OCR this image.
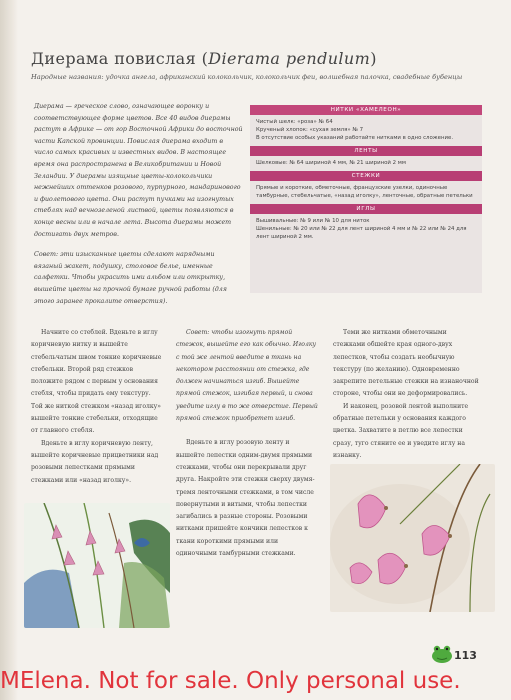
Диерама повислая (Dierama pendulum)
Народные названия: удочка ангела, африканский колокольчик, колокольчик феи, волшебная палочка, свадебные бубенцы

Диерама — греческое слово, означающее воронку и соответствующее форме цветов. Все 40 видов диерамы растут в Африке — от гор Восточной Африки до восточной части Капской провинции. Повислая диерама входит в число самых красивых и известных видов. В настоящее время она распространена в Великобритании и Новой Зеландии. У диерамы изящные цветы-колокольчики нежнейших оттенков розового, пурпурного, мандаринового и фиолетового цвета. Они растут пучками на изогнутых стеблях над вечнозеленой листвой, цветы появляются в конце весны или в начале лета. Высота диерамы может достигать двух метров.

Совет: эти изысканные цветы сделают нарядными вязаный жакет, подушку, столовое белье, именные салфетки. Чтобы украсить ими альбом или открытку, вышейте цветы на прочной бумаге ручной работы (для этого заранее прокалите отверстия).

НИТКИ «ХАМЕЛЕОН»
Чистый шелк: «роза» № 64
Крученый хлопок: «сухая земля» № 7
В отсутствие особых указаний работайте нитками в одно сложение.
ЛЕНТЫ
Шелковые: № 64 шириной 4 мм, № 21 шириной 2 мм
СТЕЖКИ
Прямые и короткие, обметочные, французские узелки, одиночные тамбурные, стебельчатые, «назад иголку», ленточные, обратные петельки
ИГЛЫ
Вышивальные: № 9 или № 10 для ниток
Шенильные: № 20 или № 22 для лент шириной 4 мм и № 22 или № 24 для лент шириной 2 мм.

Начните со стеблей. Вденьте в иглу коричневую нитку и вышейте стебельчатым швом тонкие коричневые стебельки. Второй ряд стежков положите рядом с первым у основания стебля, чтобы придать ему текстуру. Той же ниткой стежком «назад иголку» вышейте тонкие стебельки, отходящие от главного стебля.

Вденьте в иглу коричневую ленту, вышейте коричневые прицветники над розовыми лепестками прямыми стежками или «назад иголку».

Совет: чтобы изогнуть прямой стежок, вышейте его как обычно. Иголку с той же лентой введите в ткань на некотором расстоянии от стежка, где должен начинаться изгиб. Вышейте прямой стежок, изгибая первый, и снова уведите иглу в то же отверстие. Первый прямой стежок приобретет изгиб.

Вденьте в иглу розовую ленту и вышейте лепестки одним-двумя прямыми стежками, чтобы они перекрывали друг друга. Накройте эти стежки сверху двумя-тремя ленточными стежками, в том числе повернутыми и витыми, чтобы лепестки загибались в разные стороны. Розовыми нитками пришейте кончики лепестков к ткани короткими прямыми или одиночными тамбурными стежками.

Теми же нитками обметочными стежками обшейте края одного-двух лепестков, чтобы создать необычную текстуру (по желанию). Одновременно закрепите петельные стежки на изнаночной стороне, чтобы они не деформировались.

И наконец, розовой лентой выполните обратные петельки у основания каждого цветка. Захватите в петлю все лепестки сразу, туго стяните ее и уведите иглу на изнанку.

113
MElena. Not for sale. Only personal use.
